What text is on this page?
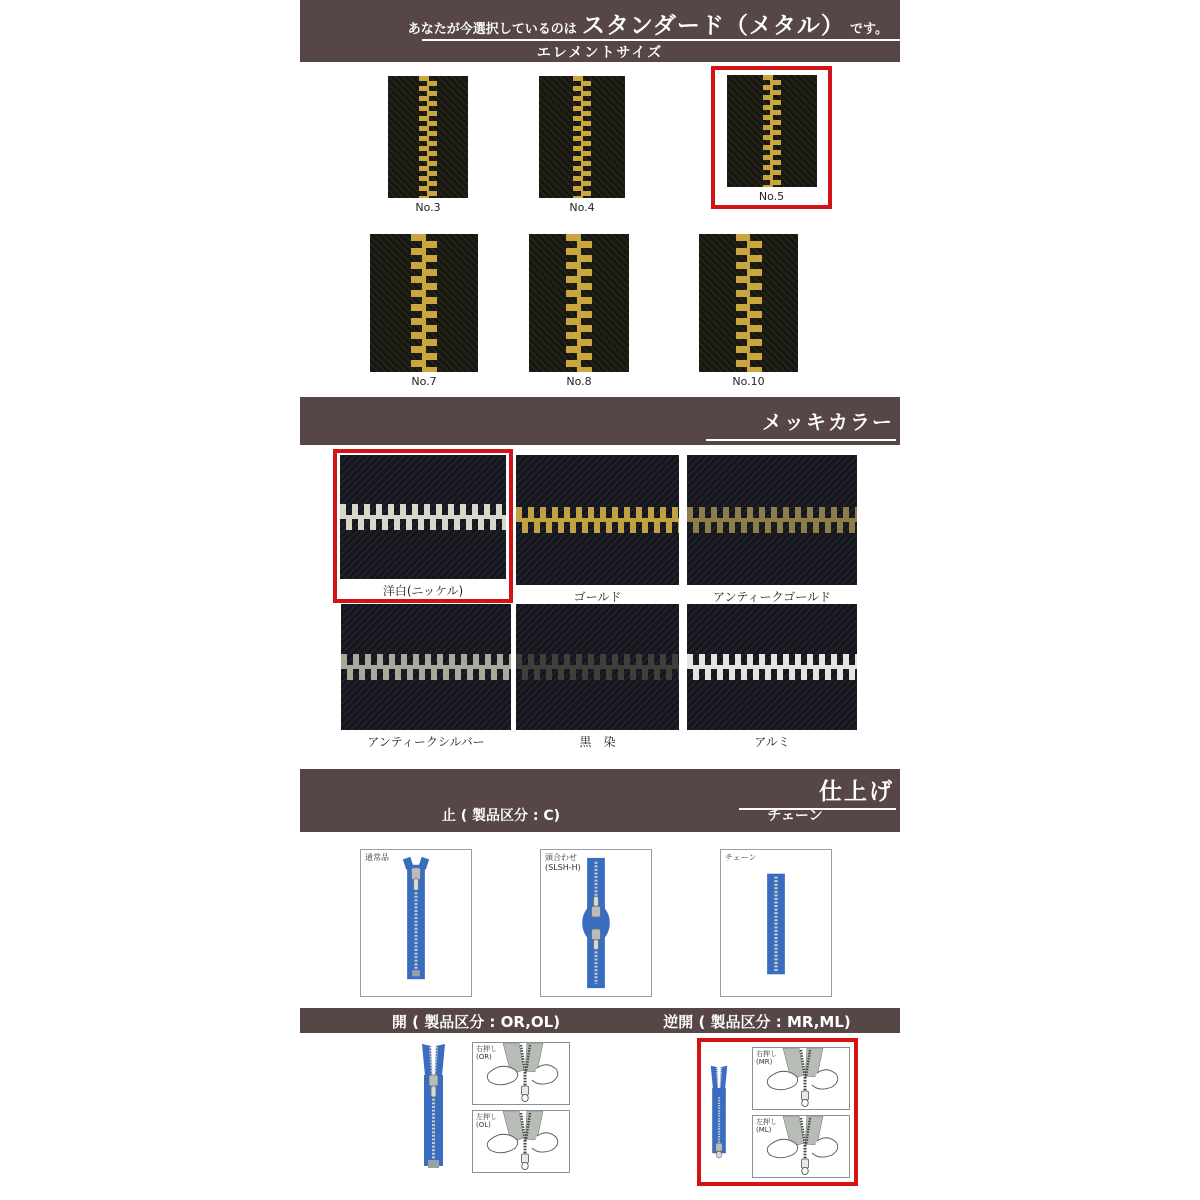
あなたが今選択しているのは スタンダード（メタル） です。
エレメントサイズ
No.3	No.4
No.5
No.7	No.8	No.10
メッキカラー
洋白(ニッケル)	ゴールド	アンティークゴールド
アンティークシルバー	黒　染	アルミ
仕上げ
止 ( 製品区分 : C)	チェーン
通常品	頭合わせ
(SLSH-H)
チェーン
開 ( 製品区分 : OR,OL)	逆開 ( 製品区分 : MR,ML)
右押し
(OR)
左押し
(OL)
右押し
(MR)
左押し
(ML)
